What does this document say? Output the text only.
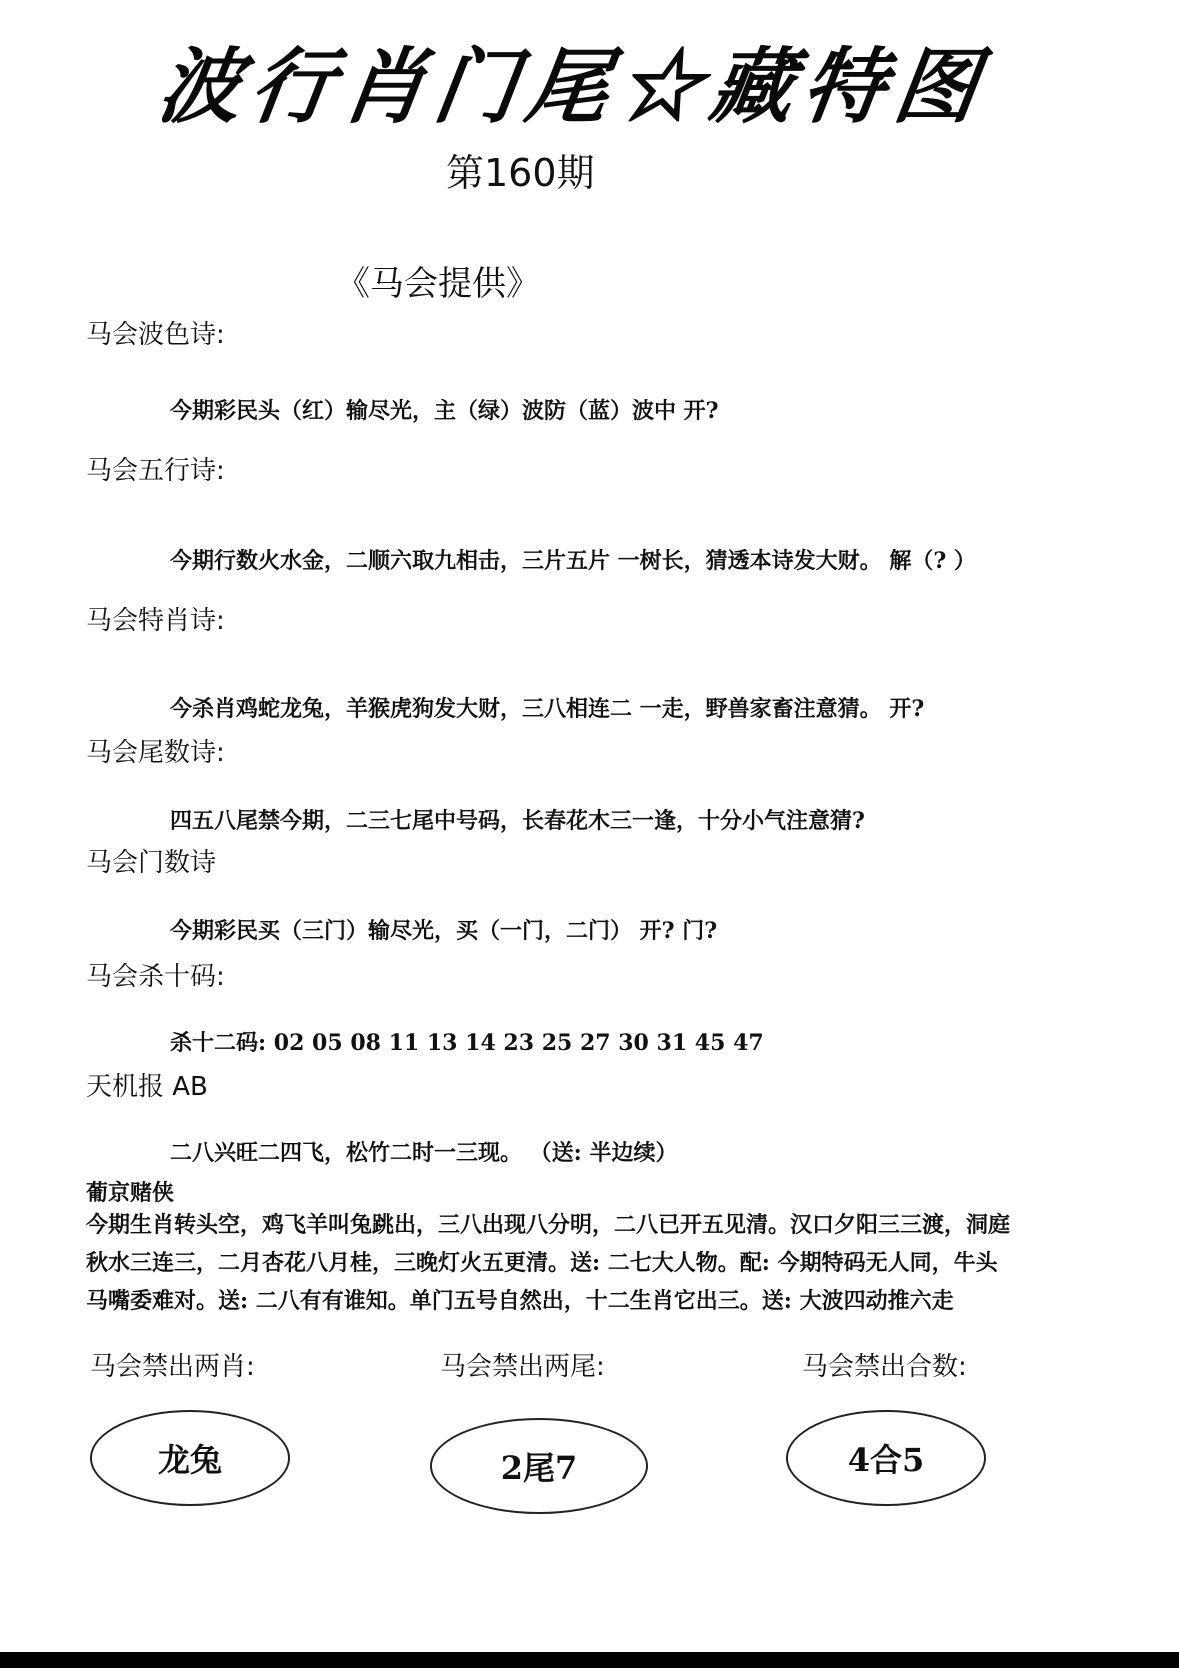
波行肖门尾☆藏特图
第160期
《马会提供》
马会波色诗:
今期彩民头（红）输尽光，主（绿）波防（蓝）波中 开?
马会五行诗:
今期行数火水金，二顺六取九相击，三片五片 一树长，猜透本诗发大财。 解（? ）
马会特肖诗:
今杀肖鸡蛇龙兔，羊猴虎狗发大财，三八相连二 一走，野兽家畜注意猜。 开?
马会尾数诗:
四五八尾禁今期，二三七尾中号码，长春花木三一逢，十分小气注意猜?
马会门数诗
今期彩民买（三门）输尽光，买（一门，二门） 开? 门?
马会杀十码:
杀十二码: 02 05 08 11 13 14 23 25 27 30 31 45 47
天机报 AB
二八兴旺二四飞，松竹二时一三现。 （送: 半边续）
葡京赌侠
今期生肖转头空，鸡飞羊叫兔跳出，三八出现八分明，二八已开五见清。汉口夕阳三三渡，洞庭
秋水三连三，二月杏花八月桂，三晚灯火五更清。送: 二七大人物。配: 今期特码无人同，牛头
马嘴委难对。送: 二八有有谁知。单门五号自然出，十二生肖它出三。送: 大波四动推六走
马会禁出两肖:	马会禁出两尾:	马会禁出合数:
龙兔	2尾7	4合5
